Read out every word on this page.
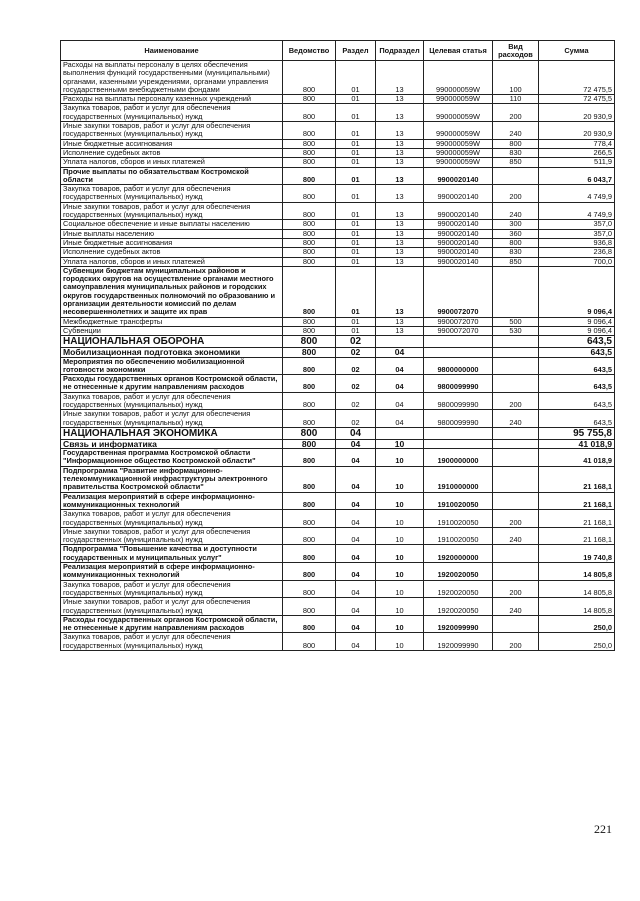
Наименование	Ведомство	Раздел	Подраздел	Целевая статья	Вид расходов	Сумма
Расходы на выплаты персоналу в целях обеспечения выполнения функций государственными (муниципальными) органами, казенными учреждениями, органами управления государственными внебюджетными фондами	800	01	13	990000059W	100	72 475,5
Расходы на выплаты персоналу казенных учреждений	800	01	13	990000059W	110	72 475,5
Закупка товаров, работ и услуг для обеспечения государственных (муниципальных) нужд	800	01	13	990000059W	200	20 930,9
Иные закупки товаров, работ и услуг для обеспечения государственных (муниципальных) нужд	800	01	13	990000059W	240	20 930,9
Иные бюджетные ассигнования	800	01	13	990000059W	800	778,4
Исполнение судебных актов	800	01	13	990000059W	830	266,5
Уплата налогов, сборов и иных платежей	800	01	13	990000059W	850	511,9
Прочие выплаты по обязательствам Костромской области	800	01	13	9900020140		6 043,7
Закупка товаров, работ и услуг для обеспечения государственных (муниципальных) нужд	800	01	13	9900020140	200	4 749,9
Иные закупки товаров, работ и услуг для обеспечения государственных (муниципальных) нужд	800	01	13	9900020140	240	4 749,9
Социальное обеспечение и иные выплаты населению	800	01	13	9900020140	300	357,0
Иные выплаты населению	800	01	13	9900020140	360	357,0
Иные бюджетные ассигнования	800	01	13	9900020140	800	936,8
Исполнение судебных актов	800	01	13	9900020140	830	236,8
Уплата налогов, сборов и иных платежей	800	01	13	9900020140	850	700,0
Субвенции бюджетам муниципальных районов и городских округов на осуществление органами местного самоуправления муниципальных районов и городских округов государственных полномочий по образованию и организации деятельности комиссий по делам несовершеннолетних и защите их прав	800	01	13	9900072070		9 096,4
Межбюджетные трансферты	800	01	13	9900072070	500	9 096,4
Субвенции	800	01	13	9900072070	530	9 096,4
НАЦИОНАЛЬНАЯ ОБОРОНА	800	02				643,5
Мобилизационная подготовка экономики	800	02	04			643,5
Мероприятия по обеспечению мобилизационной готовности экономики	800	02	04	9800000000		643,5
Расходы государственных органов Костромской области, не отнесенные к другим направлениям расходов	800	02	04	9800099990		643,5
Закупка товаров, работ и услуг для обеспечения государственных (муниципальных) нужд	800	02	04	9800099990	200	643,5
Иные закупки товаров, работ и услуг для обеспечения государственных (муниципальных) нужд	800	02	04	9800099990	240	643,5
НАЦИОНАЛЬНАЯ ЭКОНОМИКА	800	04				95 755,8
Связь и информатика	800	04	10			41 018,9
Государственная программа Костромской области "Информационное общество Костромской области"	800	04	10	1900000000		41 018,9
Подпрограмма "Развитие информационно-телекоммуникационной инфраструктуры электронного правительства Костромской области"	800	04	10	1910000000		21 168,1
Реализация мероприятий в сфере информационно-коммуникационных технологий	800	04	10	1910020050		21 168,1
Закупка товаров, работ и услуг для обеспечения государственных (муниципальных) нужд	800	04	10	1910020050	200	21 168,1
Иные закупки товаров, работ и услуг для обеспечения государственных (муниципальных) нужд	800	04	10	1910020050	240	21 168,1
Подпрограмма "Повышение качества и доступности государственных и муниципальных услуг"	800	04	10	1920000000		19 740,8
Реализация мероприятий в сфере информационно-коммуникационных технологий	800	04	10	1920020050		14 805,8
Закупка товаров, работ и услуг для обеспечения государственных (муниципальных) нужд	800	04	10	1920020050	200	14 805,8
Иные закупки товаров, работ и услуг для обеспечения государственных (муниципальных) нужд	800	04	10	1920020050	240	14 805,8
Расходы государственных органов Костромской области, не отнесенные к другим направлениям расходов	800	04	10	1920099990		250,0
Закупка товаров, работ и услуг для обеспечения государственных (муниципальных) нужд	800	04	10	1920099990	200	250,0
221
